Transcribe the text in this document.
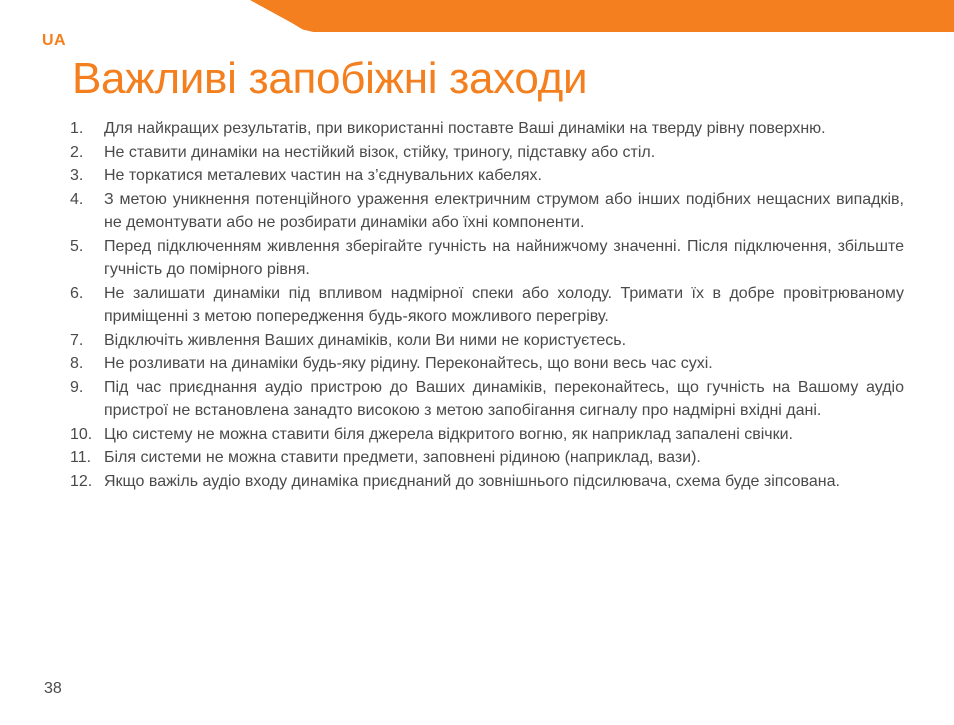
UA
Важливі запобіжні заходи
1.	Для найкращих результатів, при використанні поставте Ваші динаміки на тверду рівну поверхню.
2.	Не ставити динаміки на нестійкий візок, стійку, триногу, підставку або стіл.
3.	Не торкатися металевих частин на з’єднувальних кабелях.
4.	З метою уникнення потенційного ураження електричним струмом або інших подібних нещасних випадків, не демонтувати або не розбирати динаміки або їхні компоненти.
5.	Перед підключенням живлення зберігайте гучність на найнижчому значенні. Після підключення, збільште гучність до помірного рівня.
6.	Не залишати динаміки під впливом надмірної спеки або холоду. Тримати їх в добре провітрюваному приміщенні з метою попередження будь-якого можливого перегріву.
7.	Відключіть живлення Ваших динаміків, коли Ви ними не користуєтесь.
8.	Не розливати на динаміки будь-яку рідину. Переконайтесь, що вони весь час сухі.
9.	Під час приєднання аудіо пристрою до Ваших динаміків, переконайтесь, що гучність на Вашому аудіо пристрої не встановлена занадто високою з метою запобігання сигналу про надмірні вхідні дані.
10. Цю систему не можна ставити біля джерела відкритого вогню, як наприклад запалені свічки.
11. Біля системи не можна ставити предмети, заповнені рідиною (наприклад, вази).
12. Якщо важіль аудіо входу динаміка приєднаний до зовнішнього підсилювача, схема буде зіпсована.
38
